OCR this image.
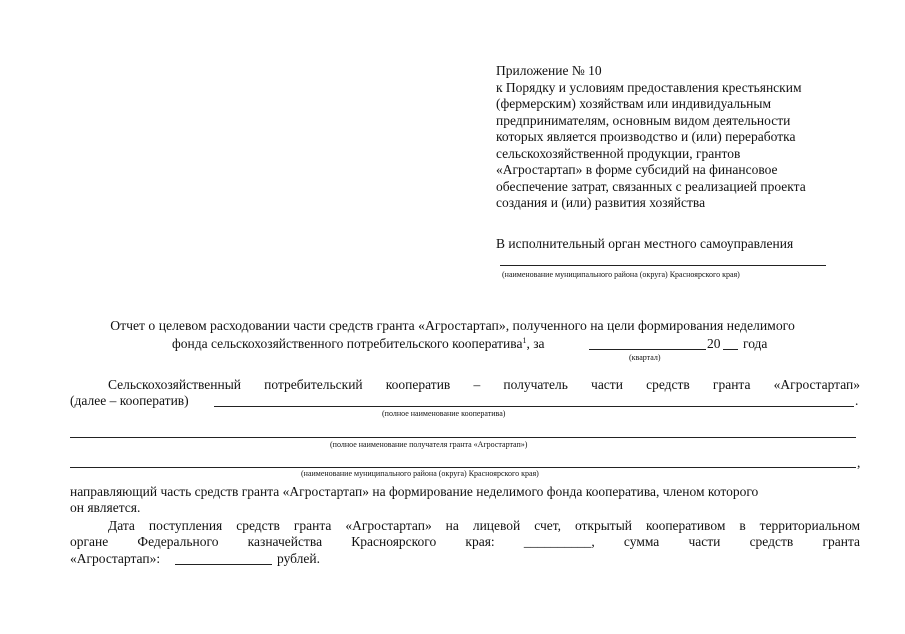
Приложение № 10
к Порядку и условиям предоставления крестьянским
(фермерским) хозяйствам или индивидуальным
предпринимателям, основным видом деятельности
которых является производство и (или) переработка
сельскохозяйственной продукции, грантов
«Агростартап» в форме субсидий на финансовое
обеспечение затрат, связанных с реализацией проекта
создания и (или) развития хозяйства
В исполнительный орган местного самоуправления
(наименование муниципального района (округа) Красноярского края)
Отчет о целевом расходовании части средств гранта «Агростартап», полученного на цели формирования неделимого
фонда сельскохозяйственного потребительского кооператива$^1$, за	20 года
(квартал)
Сельскохозяйственный потребительский кооператив – получатель части средств гранта «Агростартап»
(далее – кооператив)	.
(полное наименование кооператива)
(полное наименование получателя гранта «Агростартап»)
,
(наименование муниципального района (округа) Красноярского края)
направляющий часть средств гранта «Агростартап» на формирование неделимого фонда кооператива, членом которого
он является.
Дата поступления средств гранта «Агростартап» на лицевой счет, открытый кооперативом в территориальном
органе Федерального казначейства Красноярского края: __________, сумма части средств гранта
«Агростартап»:	рублей.
